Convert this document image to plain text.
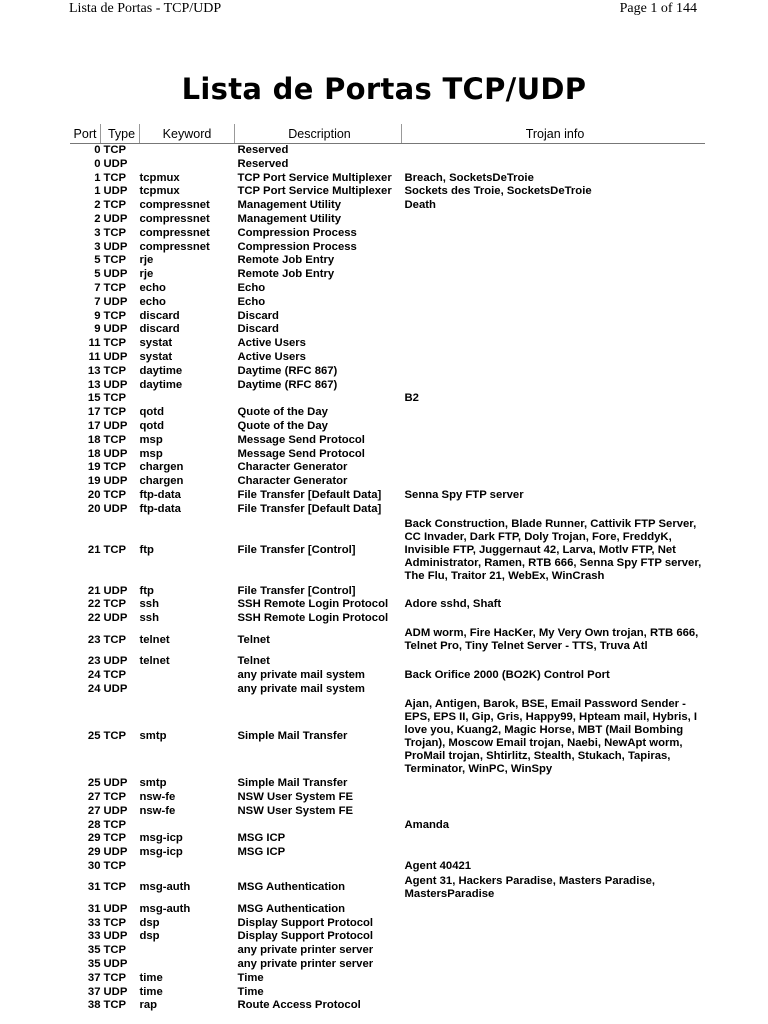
Lista de Portas - TCP/UDP	Page 1 of 144
Lista de Portas TCP/UDP
Port	Type	Keyword	Description	Trojan info
0	TCP		Reserved	
0	UDP		Reserved	
1	TCP	tcpmux	TCP Port Service Multiplexer	Breach, SocketsDeTroie
1	UDP	tcpmux	TCP Port Service Multiplexer	Sockets des Troie, SocketsDeTroie
2	TCP	compressnet	Management Utility	Death
2	UDP	compressnet	Management Utility	
3	TCP	compressnet	Compression Process	
3	UDP	compressnet	Compression Process	
5	TCP	rje	Remote Job Entry	
5	UDP	rje	Remote Job Entry	
7	TCP	echo	Echo	
7	UDP	echo	Echo	
9	TCP	discard	Discard	
9	UDP	discard	Discard	
11	TCP	systat	Active Users	
11	UDP	systat	Active Users	
13	TCP	daytime	Daytime (RFC 867)	
13	UDP	daytime	Daytime (RFC 867)	
15	TCP			B2
17	TCP	qotd	Quote of the Day	
17	UDP	qotd	Quote of the Day	
18	TCP	msp	Message Send Protocol	
18	UDP	msp	Message Send Protocol	
19	TCP	chargen	Character Generator	
19	UDP	chargen	Character Generator	
20	TCP	ftp-data	File Transfer [Default Data]	Senna Spy FTP server
20	UDP	ftp-data	File Transfer [Default Data]	
21	TCP	ftp	File Transfer [Control]	Back Construction, Blade Runner, Cattivik FTP Server, CC Invader, Dark FTP, Doly Trojan, Fore, FreddyK, Invisible FTP, Juggernaut 42, Larva, Motlv FTP, Net Administrator, Ramen, RTB 666, Senna Spy FTP server, The Flu, Traitor 21, WebEx, WinCrash
21	UDP	ftp	File Transfer [Control]	
22	TCP	ssh	SSH Remote Login Protocol	Adore sshd, Shaft
22	UDP	ssh	SSH Remote Login Protocol	
23	TCP	telnet	Telnet	ADM worm, Fire HacKer, My Very Own trojan, RTB 666, Telnet Pro, Tiny Telnet Server - TTS, Truva Atl
23	UDP	telnet	Telnet	
24	TCP		any private mail system	Back Orifice 2000 (BO2K) Control Port
24	UDP		any private mail system	
25	TCP	smtp	Simple Mail Transfer	Ajan, Antigen, Barok, BSE, Email Password Sender - EPS, EPS II, Gip, Gris, Happy99, Hpteam mail, Hybris, I love you, Kuang2, Magic Horse, MBT (Mail Bombing Trojan), Moscow Email trojan, Naebi, NewApt worm, ProMail trojan, Shtirlitz, Stealth, Stukach, Tapiras, Terminator, WinPC, WinSpy
25	UDP	smtp	Simple Mail Transfer	
27	TCP	nsw-fe	NSW User System FE	
27	UDP	nsw-fe	NSW User System FE	
28	TCP			Amanda
29	TCP	msg-icp	MSG ICP	
29	UDP	msg-icp	MSG ICP	
30	TCP			Agent 40421
31	TCP	msg-auth	MSG Authentication	Agent 31, Hackers Paradise, Masters Paradise, MastersParadise
31	UDP	msg-auth	MSG Authentication	
33	TCP	dsp	Display Support Protocol	
33	UDP	dsp	Display Support Protocol	
35	TCP		any private printer server	
35	UDP		any private printer server	
37	TCP	time	Time	
37	UDP	time	Time	
38	TCP	rap	Route Access Protocol	
